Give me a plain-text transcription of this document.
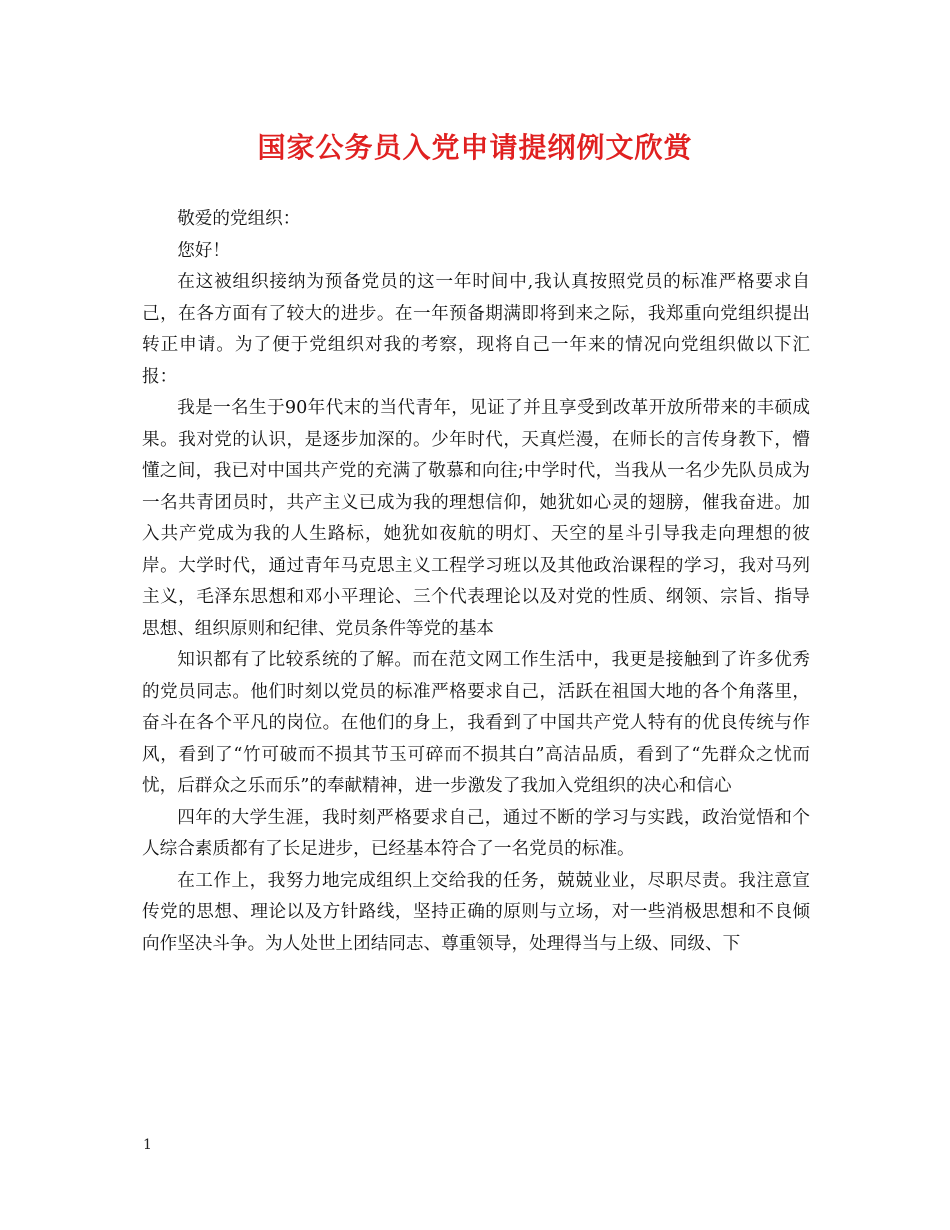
国家公务员入党申请提纲例文欣赏

敬爱的党组织：

您好！

在这被组织接纳为预备党员的这一年时间中,我认真按照党员的标准严格要求自己，在各方面有了较大的进步。在一年预备期满即将到来之际，我郑重向党组织提出转正申请。为了便于党组织对我的考察，现将自己一年来的情况向党组织做以下汇报：

我是一名生于90年代末的当代青年，见证了并且享受到改革开放所带来的丰硕成果。我对党的认识，是逐步加深的。少年时代，天真烂漫，在师长的言传身教下，懵懂之间，我已对中国共产党的充满了敬慕和向往;中学时代，当我从一名少先队员成为一名共青团员时，共产主义已成为我的理想信仰，她犹如心灵的翅膀，催我奋进。加入共产党成为我的人生路标，她犹如夜航的明灯、天空的星斗引导我走向理想的彼岸。大学时代，通过青年马克思主义工程学习班以及其他政治课程的学习，我对马列主义，毛泽东思想和邓小平理论、三个代表理论以及对党的性质、纲领、宗旨、指导思想、组织原则和纪律、党员条件等党的基本

知识都有了比较系统的了解。而在范文网工作生活中，我更是接触到了许多优秀的党员同志。他们时刻以党员的标准严格要求自己，活跃在祖国大地的各个角落里，奋斗在各个平凡的岗位。在他们的身上，我看到了中国共产党人特有的优良传统与作风，看到了“竹可破而不损其节玉可碎而不损其白”高洁品质，看到了“先群众之忧而忧，后群众之乐而乐”的奉献精神，进一步激发了我加入党组织的决心和信心

四年的大学生涯，我时刻严格要求自己，通过不断的学习与实践，政治觉悟和个人综合素质都有了长足进步，已经基本符合了一名党员的标准。

在工作上，我努力地完成组织上交给我的任务，兢兢业业，尽职尽责。我注意宣传党的思想、理论以及方针路线，坚持正确的原则与立场，对一些消极思想和不良倾向作坚决斗争。为人处世上团结同志、尊重领导，处理得当与上级、同级、下

1
